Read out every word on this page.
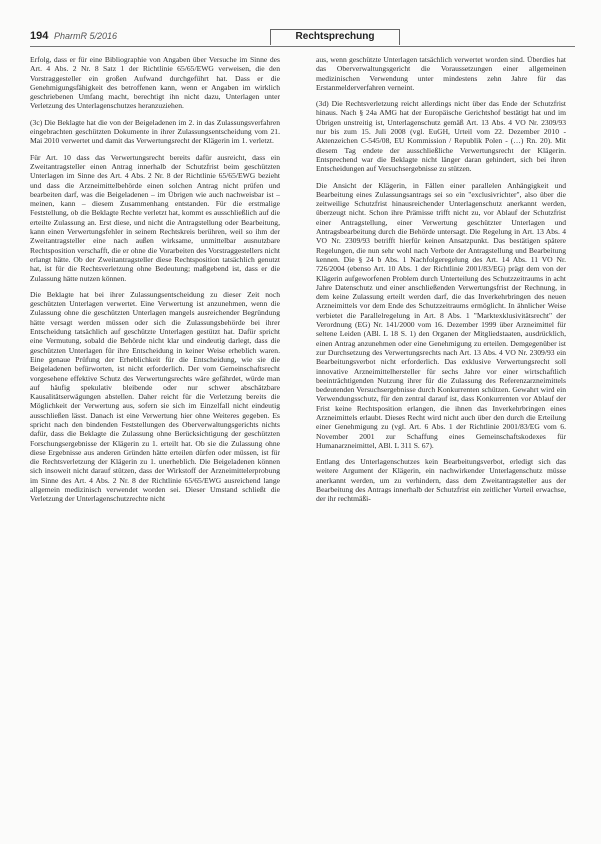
194 PharmR 5/2016	Rechtsprechung

Erfolg, dass er für eine Bibliographie von Angaben über Versuche im Sinne des Art. 4 Abs. 2 Nr. 8 Satz 1 der Richtlinie 65/65/EWG verweisen, die den Vorstraggesteller ein großen Aufwand durchgeführt hat. Dass er die Genehmigungsfähigkeit des betroffenen kann, wenn er Angaben im wirklich geschriebenen Umfang macht, berechtigt ihn nicht dazu, Unterlagen unter Verletzung des Unterlagenschutzes heranzuziehen.

(3c) Die Beklagte hat die von der Beigeladenen im 2. in das Zulassungsverfahren eingebrachten geschützten Dokumente in ihrer Zulassungsentscheidung vom 21. Mai 2010 verwertet und damit das Verwertungsrecht der Klägerin im 1. verletzt.

Für Art. 10 dass das Verwertungsrecht bereits dafür ausreicht, dass ein Zweitantragsteller einen Antrag innerhalb der Schutzfrist beim geschützten Unterlagen im Sinne des Art. 4 Abs. 2 Nr. 8 der Richtlinie 65/65/EWG bezieht und dass die Arzneimittelbehörde einen solchen Antrag nicht prüfen und bearbeiten darf, was die Beigeladenen – im Übrigen wie auch nachweisbar ist – meinen, kann – diesem Zusammenhang entstanden. Für die erstmalige Feststellung, ob die Beklagte Rechte verletzt hat, kommt es ausschließlich auf die erteilte Zulassung an. Erst diese, und nicht die Antragstellung oder Bearbeitung, kann einen Verwertungsfehler in seinem Rechtskreis berühren, weil so ihm der Zweitantragsteller eine nach außen wirksame, unmittelbar ausnutzbare Rechtsposition verschafft, die er ohne die Vorarbeiten des Vorstraggestellers nicht erlangt hätte. Ob der Zweitantragsteller diese Rechtsposition tatsächlich genutzt hat, ist für die Rechtsverletzung ohne Bedeutung; maßgebend ist, dass er die Zulassung hätte nutzen können.

Die Beklagte hat bei ihrer Zulassungsentscheidung zu dieser Zeit noch geschützten Unterlagen verwertet. Eine Verwertung ist anzunehmen, wenn die Zulassung ohne die geschützten Unterlagen mangels ausreichender Begründung hätte versagt werden müssen oder sich die Zulassungsbehörde bei ihrer Entscheidung tatsächlich auf geschützte Unterlagen gestützt hat. Dafür spricht eine Vermutung, sobald die Behörde nicht klar und eindeutig darlegt, dass die geschützten Unterlagen für ihre Entscheidung in keiner Weise erheblich waren. Eine genaue Prüfung der Erheblichkeit für die Entscheidung, wie sie die Beigeladenen befürworten, ist nicht erforderlich. Der vom Gemeinschaftsrecht vorgesehene effektive Schutz des Verwertungsrechts wäre gefährdet, würde man auf häufig spekulativ bleibende oder nur schwer abschätzbare Kausalitätserwägungen abstellen. Daher reicht für die Verletzung bereits die Möglichkeit der Verwertung aus, sofern sie sich im Einzelfall nicht eindeutig ausschließen lässt. Danach ist eine Verwertung hier ohne Weiteres gegeben. Es spricht nach den bindenden Feststellungen des Oberverwaltungsgerichts nichts dafür, dass die Beklagte die Zulassung ohne Berücksichtigung der geschützten Forschungsergebnisse der Klägerin zu 1. erteilt hat. Ob sie die Zulassung ohne diese Ergebnisse aus anderen Gründen hätte erteilen dürfen oder müssen, ist für die Rechtsverletzung der Klägerin zu 1. unerheblich. Die Beigeladenen können sich insoweit nicht darauf stützen, dass der Wirkstoff der Arzneimittelerprobung im Sinne des Art. 4 Abs. 2 Nr. 8 der Richtlinie 65/65/EWG ausreichend lange allgemein medizinisch verwendet worden sei. Dieser Umstand schließt die Verletzung der Unterlagenschutzrechte nicht

aus, wenn geschützte Unterlagen tatsächlich verwertet worden sind. Überdies hat das Oberverwaltungsgericht die Voraussetzungen einer allgemeinen medizinischen Verwendung unter mindestens zehn Jahre für das Erstanmelderverfahren verneint.

(3d) Die Rechtsverletzung reicht allerdings nicht über das Ende der Schutzfrist hinaus. Nach § 24a AMG hat der Europäische Gerichtshof bestätigt hat und im Übrigen unstreitig ist, Unterlagenschutz gemäß Art. 13 Abs. 4 VO Nr. 2309/93 nur bis zum 15. Juli 2008 (vgl. EuGH, Urteil vom 22. Dezember 2010 - Aktenzeichen C-545/08, EU Kommission / Republik Polen - (…) Rn. 20). Mit diesem Tag endete der ausschließliche Verwertungsrecht der Klägerin. Entsprechend war die Beklagte nicht länger daran gehindert, sich bei ihren Entscheidungen auf Versuchsergebnisse zu stützen.

Die Ansicht der Klägerin, in Fällen einer parallelen Anhängigkeit und Bearbeitung eines Zulassungsantrags sei so ein "exclusivrichter", also über die zeitweilige Schutzfrist hinausreichender Unterlagenschutz anerkannt werden, überzeugt nicht. Schon ihre Prämisse trifft nicht zu, vor Ablauf der Schutzfrist einer Antragstellung, einer Verwertung geschützter Unterlagen und Antragsbearbeitung durch die Behörde untersagt. Die Regelung in Art. 13 Abs. 4 VO Nr. 2309/93 betrifft hierfür keinen Ansatzpunkt. Das bestätigen spätere Regelungen, die nun sehr wohl nach Verbote der Antragstellung und Bearbeitung kennen. Die § 24 b Abs. 1 Nachfolgeregelung des Art. 14 Abs. 11 VO Nr. 726/2004 (ebenso Art. 10 Abs. 1 der Richtlinie 2001/83/EG) prägt dem von der Klägerin aufgeworfenen Problem durch Unterteilung des Schutzzeitraums in acht Jahre Datenschutz und einer anschließenden Verwertungsfrist der Rechnung, in dem keine Zulassung erteilt werden darf, die das Inverkehrbringen des neuen Arzneimittels vor dem Ende des Schutzzeitraums ermöglicht. In ähnlicher Weise verbietet die Parallelregelung in Art. 8 Abs. 1 "Marktexklusivitätsrecht" der Verordnung (EG) Nr. 141/2000 vom 16. Dezember 1999 über Arzneimittel für seltene Leiden (ABl. L 18 S. 1) den Organen der Mitgliedstaaten, ausdrücklich, einen Antrag anzunehmen oder eine Genehmigung zu erteilen. Demgegenüber ist zur Durchsetzung des Verwertungsrechts nach Art. 13 Abs. 4 VO Nr. 2309/93 ein Bearbeitungsverbot nicht erforderlich. Das exklusive Verwertungsrecht soll innovative Arzneimittelhersteller für sechs Jahre vor einer wirtschaftlich beeinträchtigenden Nutzung ihrer für die Zulassung des Referenzarzneimittels bedeutenden Versuchsergebnisse durch Konkurrenten schützen. Gewahrt wird ein Verwendungsschutz, für den zentral darauf ist, dass Konkurrenten vor Ablauf der Frist keine Rechtsposition erlangen, die ihnen das Inverkehrbringen eines Arzneimittels erlaubt. Dieses Recht wird nicht auch über den durch die Erteilung einer Genehmigung zu (vgl. Art. 6 Abs. 1 der Richtlinie 2001/83/EG vom 6. November 2001 zur Schaffung eines Gemeinschaftskodexes für Humanarzneimittel, ABl. L 311 S. 67).

Entlang des Unterlagenschutzes kein Bearbeitungsverbot, erledigt sich das weitere Argument der Klägerin, ein nachwirkender Unterlagenschutz müsse anerkannt werden, um zu verhindern, dass dem Zweitantragsteller aus der Bearbeitung des Antrags innerhalb der Schutzfrist ein zeitlicher Vorteil erwachse, der ihr rechtmäßi-
